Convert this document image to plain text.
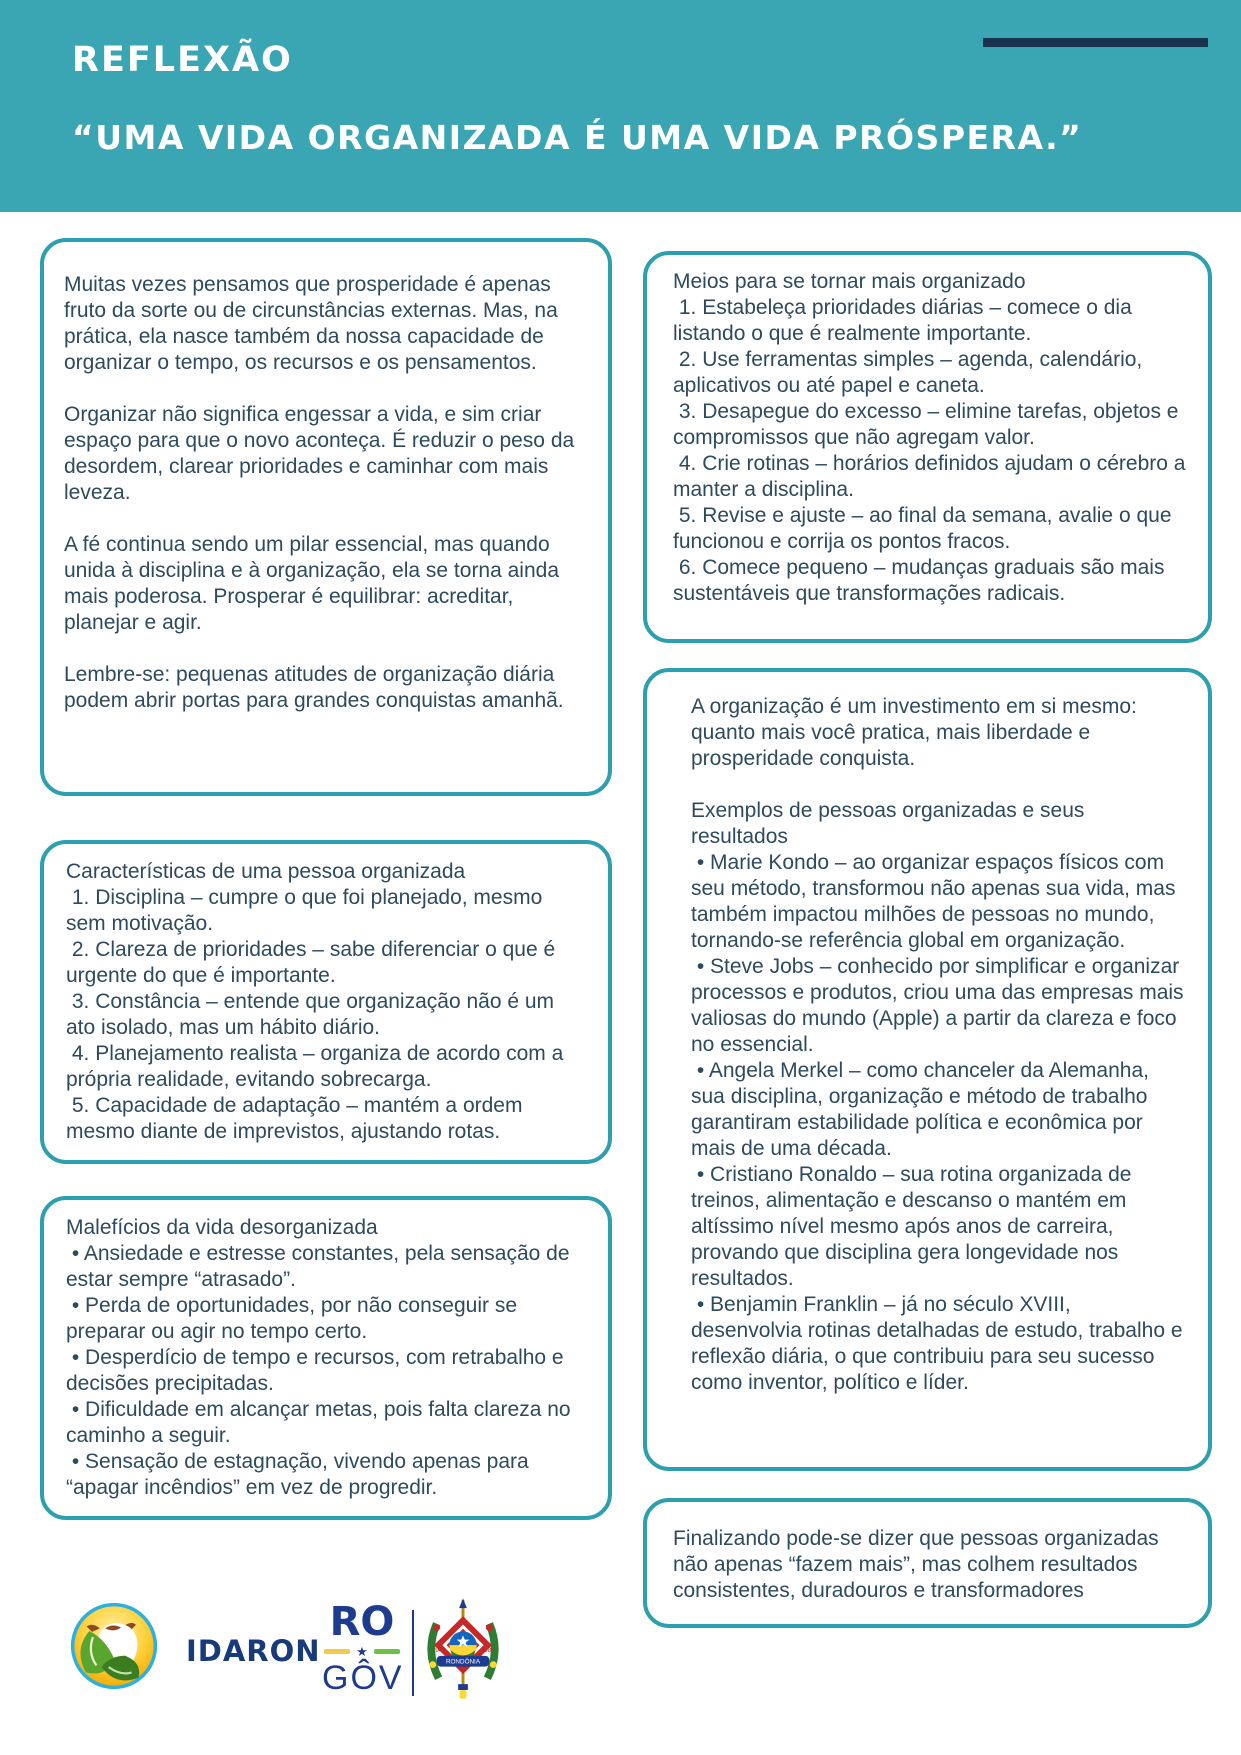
REFLEXÃO
“UMA VIDA ORGANIZADA É UMA VIDA PRÓSPERA.”

Muitas vezes pensamos que prosperidade é apenas fruto da sorte ou de circunstâncias externas. Mas, na prática, ela nasce também da nossa capacidade de organizar o tempo, os recursos e os pensamentos.

Organizar não significa engessar a vida, e sim criar espaço para que o novo aconteça. É reduzir o peso da desordem, clarear prioridades e caminhar com mais leveza.

A fé continua sendo um pilar essencial, mas quando unida à disciplina e à organização, ela se torna ainda mais poderosa. Prosperar é equilibrar: acreditar, planejar e agir.

Lembre-se: pequenas atitudes de organização diária podem abrir portas para grandes conquistas amanhã.

Características de uma pessoa organizada
1. Disciplina – cumpre o que foi planejado, mesmo sem motivação.
2. Clareza de prioridades – sabe diferenciar o que é urgente do que é importante.
3. Constância – entende que organização não é um ato isolado, mas um hábito diário.
4. Planejamento realista – organiza de acordo com a própria realidade, evitando sobrecarga.
5. Capacidade de adaptação – mantém a ordem mesmo diante de imprevistos, ajustando rotas.
Malefícios da vida desorganizada
• Ansiedade e estresse constantes, pela sensação de estar sempre “atrasado”.
• Perda de oportunidades, por não conseguir se preparar ou agir no tempo certo.
• Desperdício de tempo e recursos, com retrabalho e decisões precipitadas.
• Dificuldade em alcançar metas, pois falta clareza no caminho a seguir.
• Sensação de estagnação, vivendo apenas para “apagar incêndios” em vez de progredir.
Meios para se tornar mais organizado
1. Estabeleça prioridades diárias – comece o dia listando o que é realmente importante.
2. Use ferramentas simples – agenda, calendário, aplicativos ou até papel e caneta.
3. Desapegue do excesso – elimine tarefas, objetos e compromissos que não agregam valor.
4. Crie rotinas – horários definidos ajudam o cérebro a manter a disciplina.
5. Revise e ajuste – ao final da semana, avalie o que funcionou e corrija os pontos fracos.
6. Comece pequeno – mudanças graduais são mais sustentáveis que transformações radicais.

A organização é um investimento em si mesmo: quanto mais você pratica, mais liberdade e prosperidade conquista.

Exemplos de pessoas organizadas e seus resultados

• Marie Kondo – ao organizar espaços físicos com seu método, transformou não apenas sua vida, mas também impactou milhões de pessoas no mundo, tornando-se referência global em organização.
• Steve Jobs – conhecido por simplificar e organizar processos e produtos, criou uma das empresas mais valiosas do mundo (Apple) a partir da clareza e foco no essencial.
• Angela Merkel – como chanceler da Alemanha, sua disciplina, organização e método de trabalho garantiram estabilidade política e econômica por mais de uma década.
• Cristiano Ronaldo – sua rotina organizada de treinos, alimentação e descanso o mantém em altíssimo nível mesmo após anos de carreira, provando que disciplina gera longevidade nos resultados.
• Benjamin Franklin – já no século XVIII, desenvolvia rotinas detalhadas de estudo, trabalho e reflexão diária, o que contribuiu para seu sucesso como inventor, político e líder.
Finalizando pode-se dizer que pessoas organizadas não apenas “fazem mais”, mas colhem resultados consistentes, duradouros e transformadores
IDARON
RO
★
GÔV
1943	1981
RONDÔNIA
